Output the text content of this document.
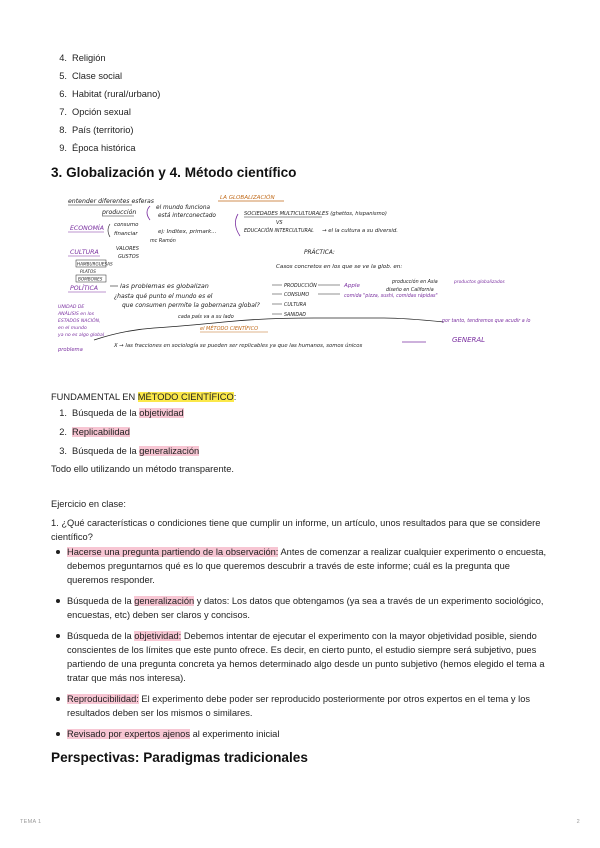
4. Religión
5. Clase social
6. Habitat (rural/urbano)
7. Opción sexual
8. País (territorio)
9. Época histórica
3. Globalización y 4. Método científico
entender diferentes esferas
producción
el mundo funciona
está interconectado
LA GLOBALIZACIÓN
SOCIEDADES MULTICULTURALES (ghettos, hispanismo)
VS
EDUCACIÓN INTERCULTURAL → el la cultura a su diversid.
ECONOMÍA consumo
financiar	ej: Inditex, primark...
mc Ramón
CULTURA	VALORES
GUSTOS
HAMBURGUESAS
PLATOS
BOMBONES
PRÁCTICA:
Casos concretos en los que se ve la glob. en:
POLÍTICA	las problemas es globalizan
¿hasta qué punto el mundo es el
que consumen permite la gobernanza global?
UNIDAD DE ANÁLISIS en los ESTADOS NACIÓN, en el mundo ya no es algo global
cada país va a su lado
PRODUCCIÓN
CONSUMO
CULTURA
SANIDAD
Apple
producción en Asia
diseño en California
comida "pizza, sushi, comidas rápidas"
productos globalizados
el MÉTODO CIENTÍFICO
problema
X → las fracciones en sociología se pueden ser replicables ya que las humanos, somos únicos
por tanto, tendremos que acudir a lo
GENERAL
FUNDAMENTAL EN MÉTODO CIENTÍFICO:
1. Búsqueda de la objetividad
2. Replicabilidad
3. Búsqueda de la generalización
Todo ello utilizando un método transparente.
Ejercicio en clase:
1. ¿Qué características o condiciones tiene que cumplir un informe, un artículo, unos resultados para que se considere científico?
Hacerse una pregunta partiendo de la observación: Antes de comenzar a realizar cualquier experimento o encuesta, debemos preguntarnos qué es lo que queremos descubrir a través de este informe; cuál es la pregunta que queremos responder.
Búsqueda de la generalización y datos: Los datos que obtengamos (ya sea a través de un experimento sociológico, encuestas, etc) deben ser claros y concisos.
Búsqueda de la objetividad: Debemos intentar de ejecutar el experimento con la mayor objetividad posible, siendo conscientes de los límites que este punto ofrece. Es decir, en cierto punto, el estudio siempre será subjetivo, pues partiendo de una pregunta concreta ya hemos determinado algo desde un punto subjetivo (hemos elegido el tema a tratar que más nos interesa).
Reproducibilidad: El experimento debe poder ser reproducido posteriormente por otros expertos en el tema y los resultados deben ser los mismos o similares.
Revisado por expertos ajenos al experimento inicial
Perspectivas: Paradigmas tradicionales
TEMA 1	2
